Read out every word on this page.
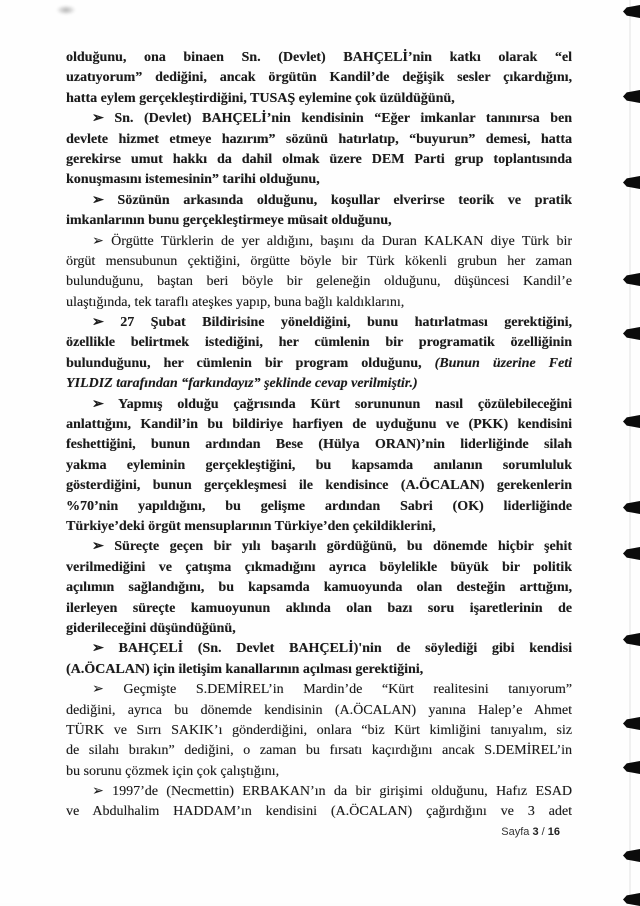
olduğunu, ona binaen Sn. (Devlet) BAHÇELİ’nin katkı olarak “el
uzatıyorum” dediğini, ancak örgütün Kandil’de değişik sesler çıkardığını,
hatta eylem gerçekleştirdiğini, TUSAŞ eylemine çok üzüldüğünü,
➢ Sn. (Devlet) BAHÇELİ’nin kendisinin “Eğer imkanlar tanınırsa ben
devlete hizmet etmeye hazırım” sözünü hatırlatıp, “buyurun” demesi, hatta
gerekirse umut hakkı da dahil olmak üzere DEM Parti grup toplantısında
konuşmasını istemesinin” tarihi olduğunu,
➢ Sözünün arkasında olduğunu, koşullar elverirse teorik ve pratik
imkanlarının bunu gerçekleştirmeye müsait olduğunu,
➢ Örgütte Türklerin de yer aldığını, başını da Duran KALKAN diye Türk bir
örgüt mensubunun çektiğini, örgütte böyle bir Türk kökenli grubun her zaman
bulunduğunu, baştan beri böyle bir geleneğin olduğunu, düşüncesi Kandil’e
ulaştığında, tek taraflı ateşkes yapıp, buna bağlı kaldıklarını,
➢ 27 Şubat Bildirisine yöneldiğini, bunu hatırlatması gerektiğini,
özellikle belirtmek istediğini, her cümlenin bir programatik özelliğinin
bulunduğunu, her cümlenin bir program olduğunu, (Bunun üzerine Feti
YILDIZ tarafından “farkındayız” şeklinde cevap verilmiştir.)
➢ Yapmış olduğu çağrısında Kürt sorununun nasıl çözülebileceğini
anlattığını, Kandil’in bu bildiriye harfiyen de uyduğunu ve (PKK) kendisini
feshettiğini, bunun ardından Bese (Hülya ORAN)’nin liderliğinde silah
yakma eyleminin gerçekleştiğini, bu kapsamda anılanın sorumluluk
gösterdiğini, bunun gerçekleşmesi ile kendisince (A.ÖCALAN) gerekenlerin
%70’nin yapıldığını, bu gelişme ardından Sabri (OK) liderliğinde
Türkiye’deki örgüt mensuplarının Türkiye’den çekildiklerini,
➢ Süreçte geçen bir yılı başarılı gördüğünü, bu dönemde hiçbir şehit
verilmediğini ve çatışma çıkmadığını ayrıca böylelikle büyük bir politik
açılımın sağlandığını, bu kapsamda kamuoyunda olan desteğin arttığını,
ilerleyen süreçte kamuoyunun aklında olan bazı soru işaretlerinin de
giderileceğini düşündüğünü,
➢ BAHÇELİ (Sn. Devlet BAHÇELİ)'nin de söylediği gibi kendisi
(A.ÖCALAN) için iletişim kanallarının açılması gerektiğini,
➢ Geçmişte S.DEMİREL’in Mardin’de “Kürt realitesini tanıyorum”
dediğini, ayrıca bu dönemde kendisinin (A.ÖCALAN) yanına Halep’e Ahmet
TÜRK ve Sırrı SAKIK’ı gönderdiğini, onlara “biz Kürt kimliğini tanıyalım, siz
de silahı bırakın” dediğini, o zaman bu fırsatı kaçırdığını ancak S.DEMİREL’in
bu sorunu çözmek için çok çalıştığını,
➢ 1997’de (Necmettin) ERBAKAN’ın da bir girişimi olduğunu, Hafız ESAD
ve Abdulhalim HADDAM’ın kendisini (A.ÖCALAN) çağırdığını ve 3 adet
Sayfa 3 / 16
